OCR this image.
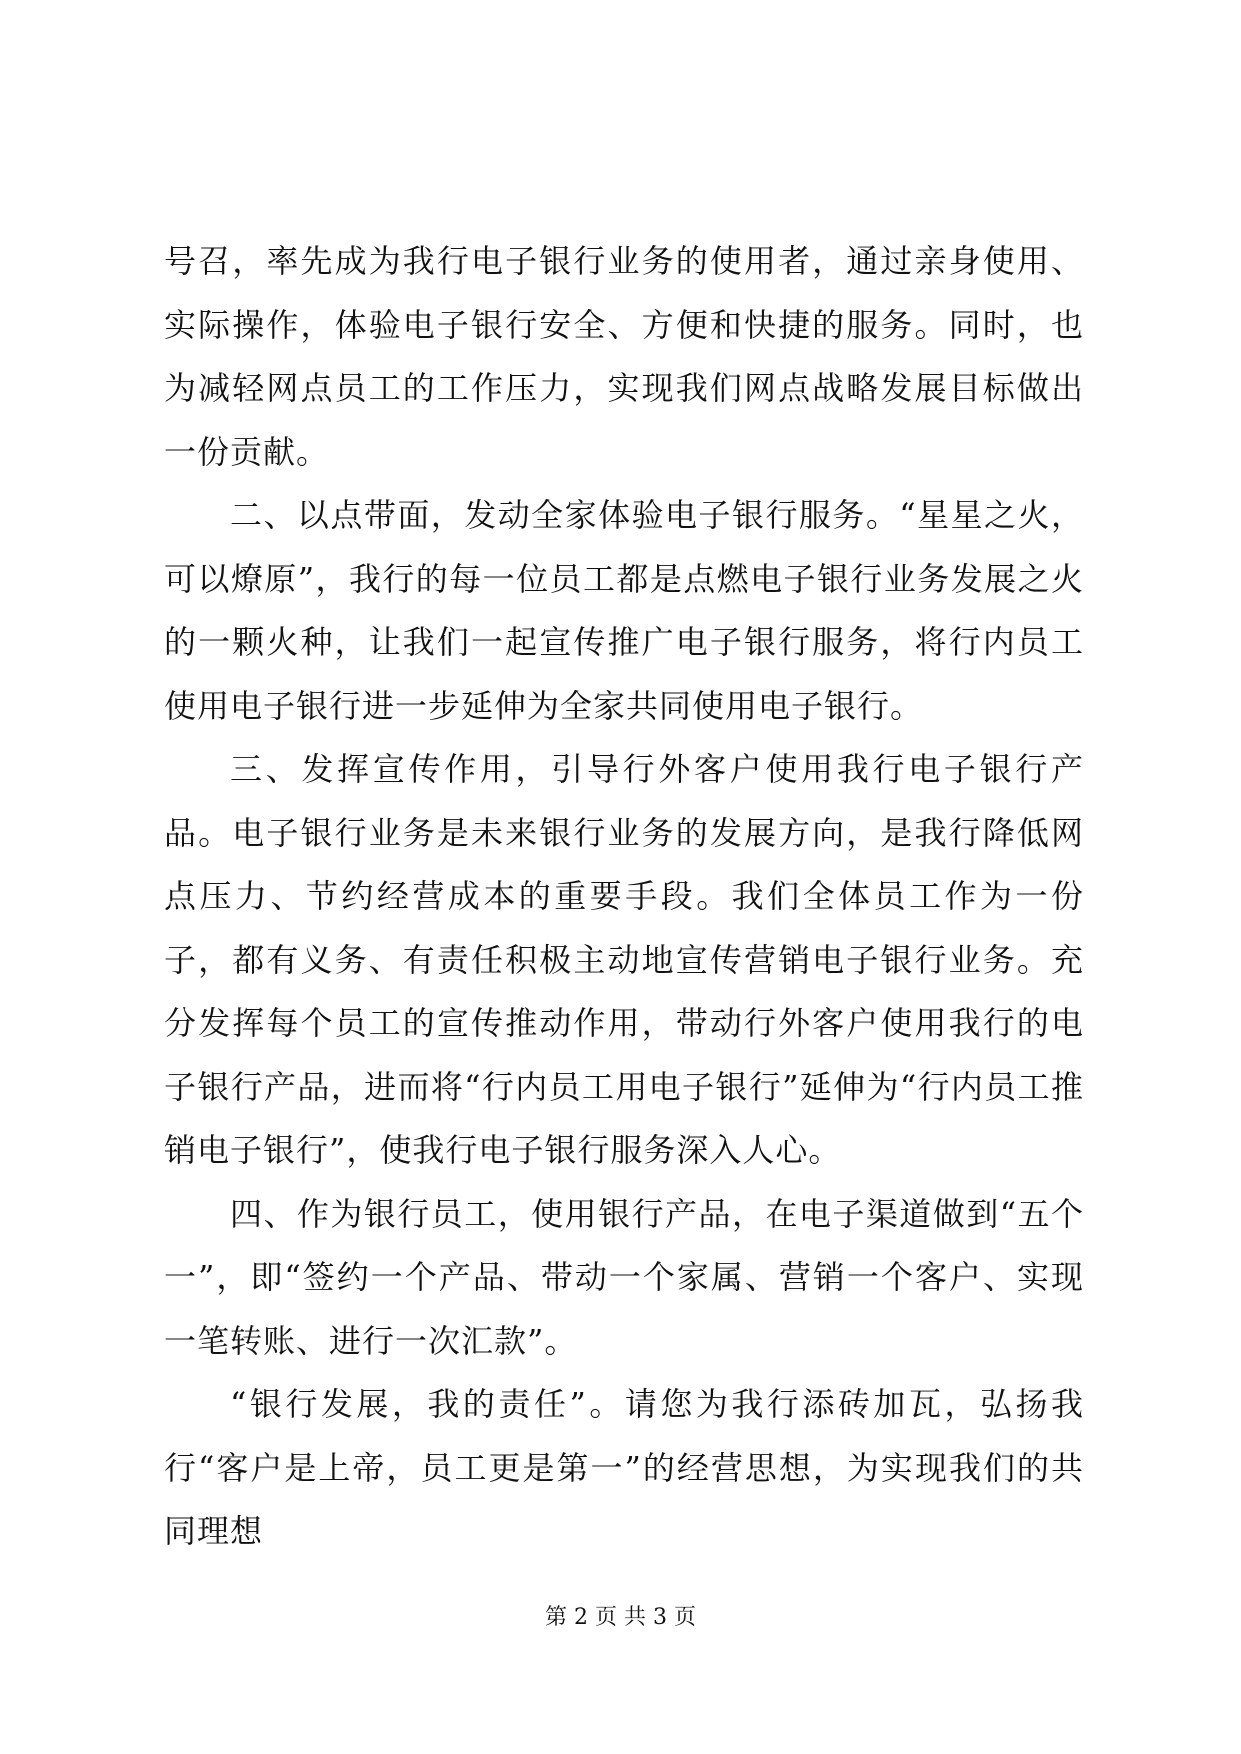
号召，率先成为我行电子银行业务的使用者，通过亲身使用、实际操作，体验电子银行安全、方便和快捷的服务。同时，也为减轻网点员工的工作压力，实现我们网点战略发展目标做出一份贡献。

二、以点带面，发动全家体验电子银行服务。“星星之火，可以燎原”，我行的每一位员工都是点燃电子银行业务发展之火的一颗火种，让我们一起宣传推广电子银行服务，将行内员工使用电子银行进一步延伸为全家共同使用电子银行。

三、发挥宣传作用，引导行外客户使用我行电子银行产品。电子银行业务是未来银行业务的发展方向，是我行降低网点压力、节约经营成本的重要手段。我们全体员工作为一份子，都有义务、有责任积极主动地宣传营销电子银行业务。充分发挥每个员工的宣传推动作用，带动行外客户使用我行的电子银行产品，进而将“行内员工用电子银行”延伸为“行内员工推销电子银行”，使我行电子银行服务深入人心。

四、作为银行员工，使用银行产品，在电子渠道做到“五个一”，即“签约一个产品、带动一个家属、营销一个客户、实现一笔转账、进行一次汇款”。

“银行发展，我的责任”。请您为我行添砖加瓦，弘扬我行“客户是上帝，员工更是第一”的经营思想，为实现我们的共同理想

第 2 页 共 3 页
